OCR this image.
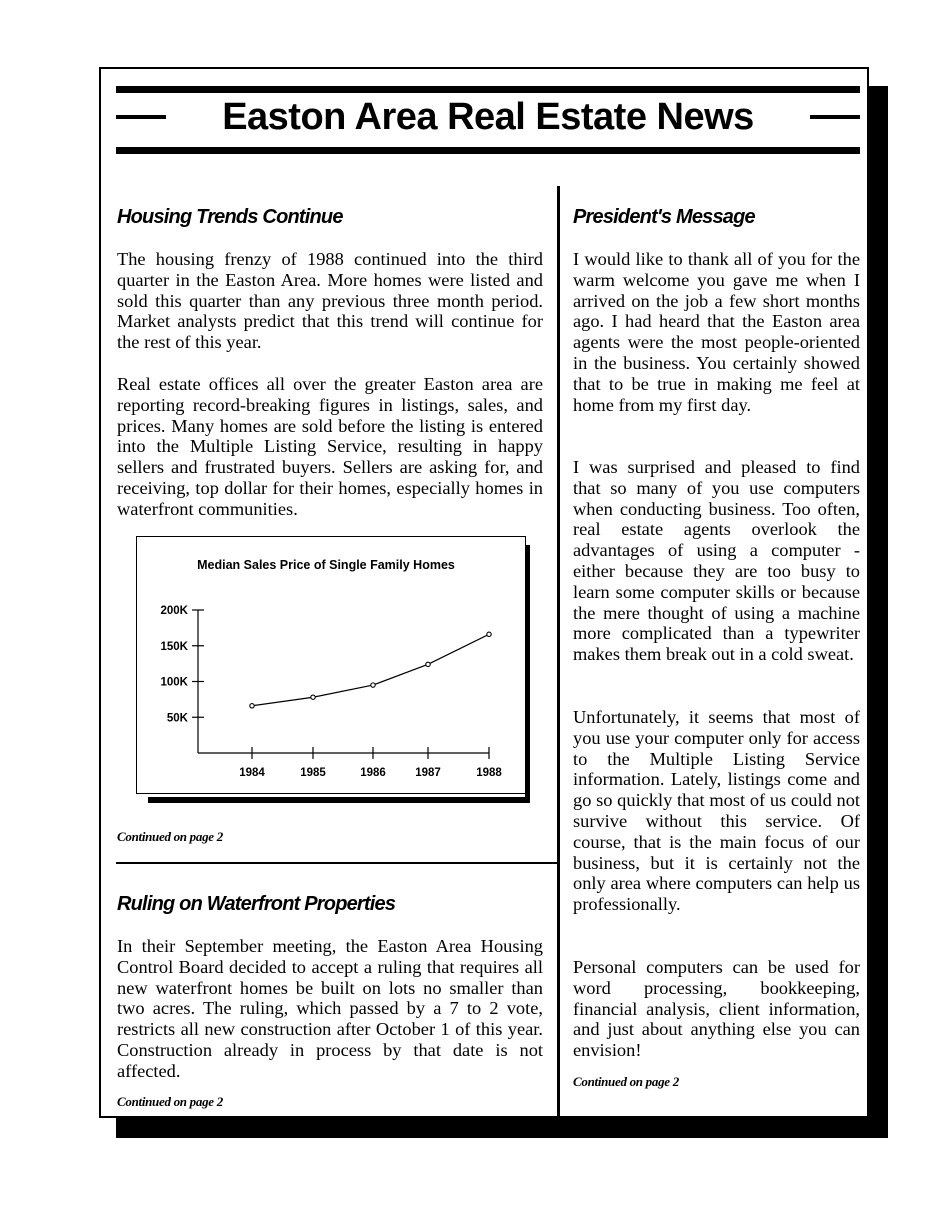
Easton Area Real Estate News
Housing Trends Continue

The housing frenzy of 1988 continued into the third quarter in the Easton Area. More homes were listed and sold this quarter than any previous three month period. Market analysts predict that this trend will continue for the rest of this year.

Real estate offices all over the greater Easton area are reporting record-breaking figures in listings, sales, and prices. Many homes are sold before the listing is entered into the Multiple Listing Service, resulting in happy sellers and frustrated buyers. Sellers are asking for, and receiving, top dollar for their homes, especially homes in waterfront communities.

Median Sales Price of Single Family Homes
50K
100K
150K
200K
1984	1985	1986	1987	1988

Continued on page 2

Ruling on Waterfront Properties

In their September meeting, the Easton Area Housing Control Board decided to accept a ruling that requires all new waterfront homes be built on lots no smaller than two acres. The ruling, which passed by a 7 to 2 vote, restricts all new construction after October 1 of this year. Construction already in process by that date is not affected.

Continued on page 2

President's Message

I would like to thank all of you for the warm welcome you gave me when I arrived on the job a few short months ago. I had heard that the Easton area agents were the most people-oriented in the business. You certainly showed that to be true in making me feel at home from my first day.

I was surprised and pleased to find that so many of you use computers when conducting business. Too often, real estate agents overlook the advantages of using a computer - either because they are too busy to learn some computer skills or because the mere thought of using a machine more complicated than a typewriter makes them break out in a cold sweat.

Unfortunately, it seems that most of you use your computer only for access to the Multiple Listing Service information. Lately, listings come and go so quickly that most of us could not survive without this service. Of course, that is the main focus of our business, but it is certainly not the only area where computers can help us professionally.

Personal computers can be used for word processing, bookkeeping, financial analysis, client information, and just about anything else you can envision!

Continued on page 2
